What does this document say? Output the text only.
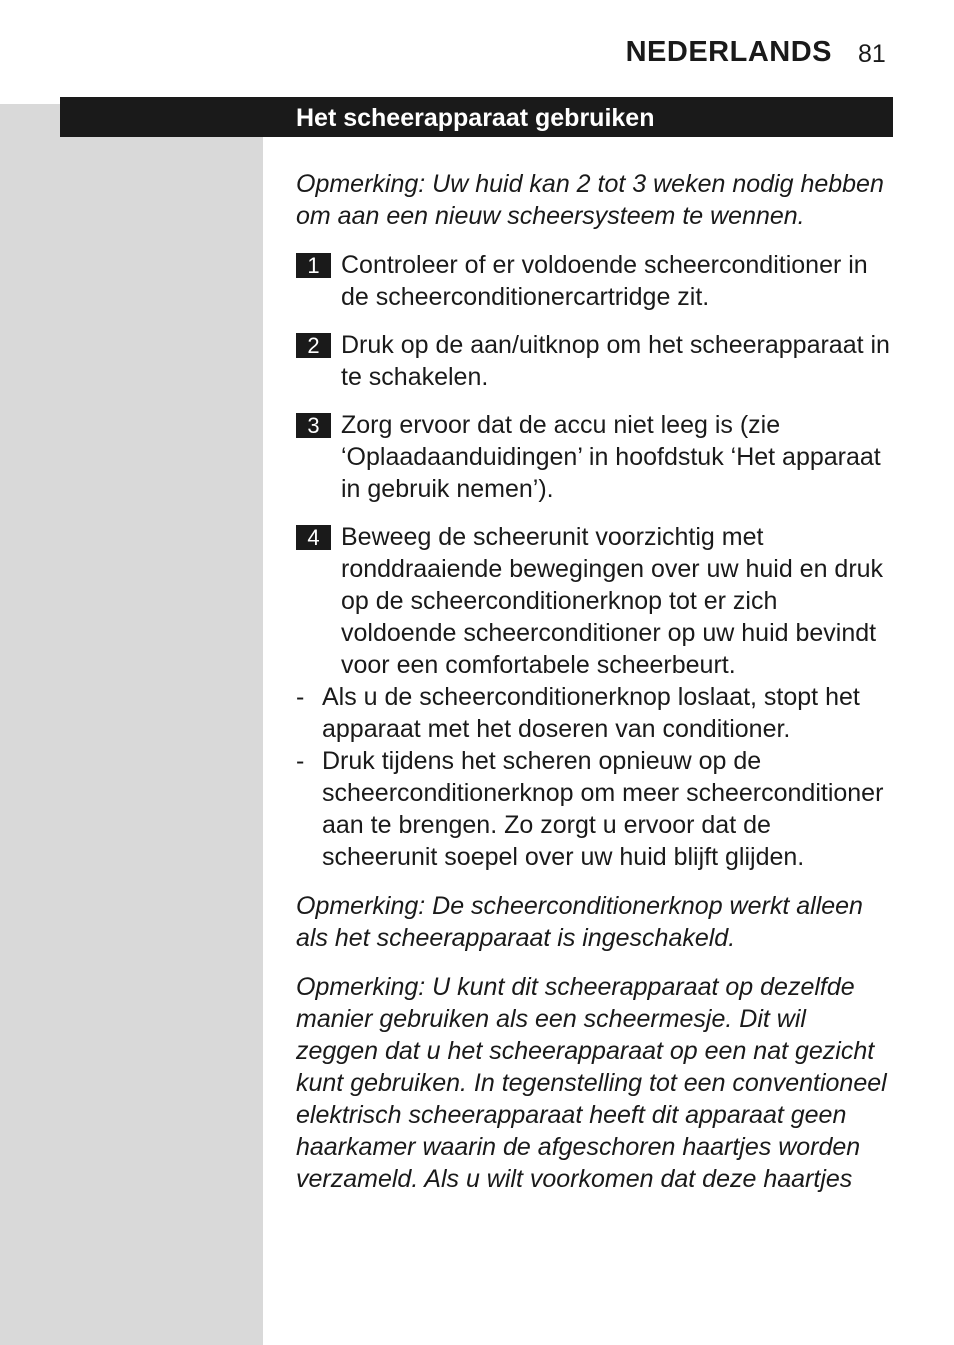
NEDERLANDS 81
Het scheerapparaat gebruiken

Opmerking: Uw huid kan 2 tot 3 weken nodig hebben om aan een nieuw scheersysteem te wennen.

1 Controleer of er voldoende scheerconditioner in de scheerconditionercartridge zit.
2 Druk op de aan/uitknop om het scheerapparaat in te schakelen.
3 Zorg ervoor dat de accu niet leeg is (zie ‘Oplaadaanduidingen’ in hoofdstuk ‘Het apparaat in gebruik nemen’).
4 Beweeg de scheerunit voorzichtig met ronddraaiende bewegingen over uw huid en druk op de scheerconditionerknop tot er zich voldoende scheerconditioner op uw huid bevindt voor een comfortabele scheerbeurt.
- Als u de scheerconditionerknop loslaat, stopt het apparaat met het doseren van conditioner.
- Druk tijdens het scheren opnieuw op de scheerconditionerknop om meer scheerconditioner aan te brengen. Zo zorgt u ervoor dat de scheerunit soepel over uw huid blijft glijden.

Opmerking: De scheerconditionerknop werkt alleen als het scheerapparaat is ingeschakeld.

Opmerking: U kunt dit scheerapparaat op dezelfde manier gebruiken als een scheermesje. Dit wil zeggen dat u het scheerapparaat op een nat gezicht kunt gebruiken. In tegenstelling tot een conventioneel elektrisch scheerapparaat heeft dit apparaat geen haarkamer waarin de afgeschoren haartjes worden verzameld. Als u wilt voorkomen dat deze haartjes
